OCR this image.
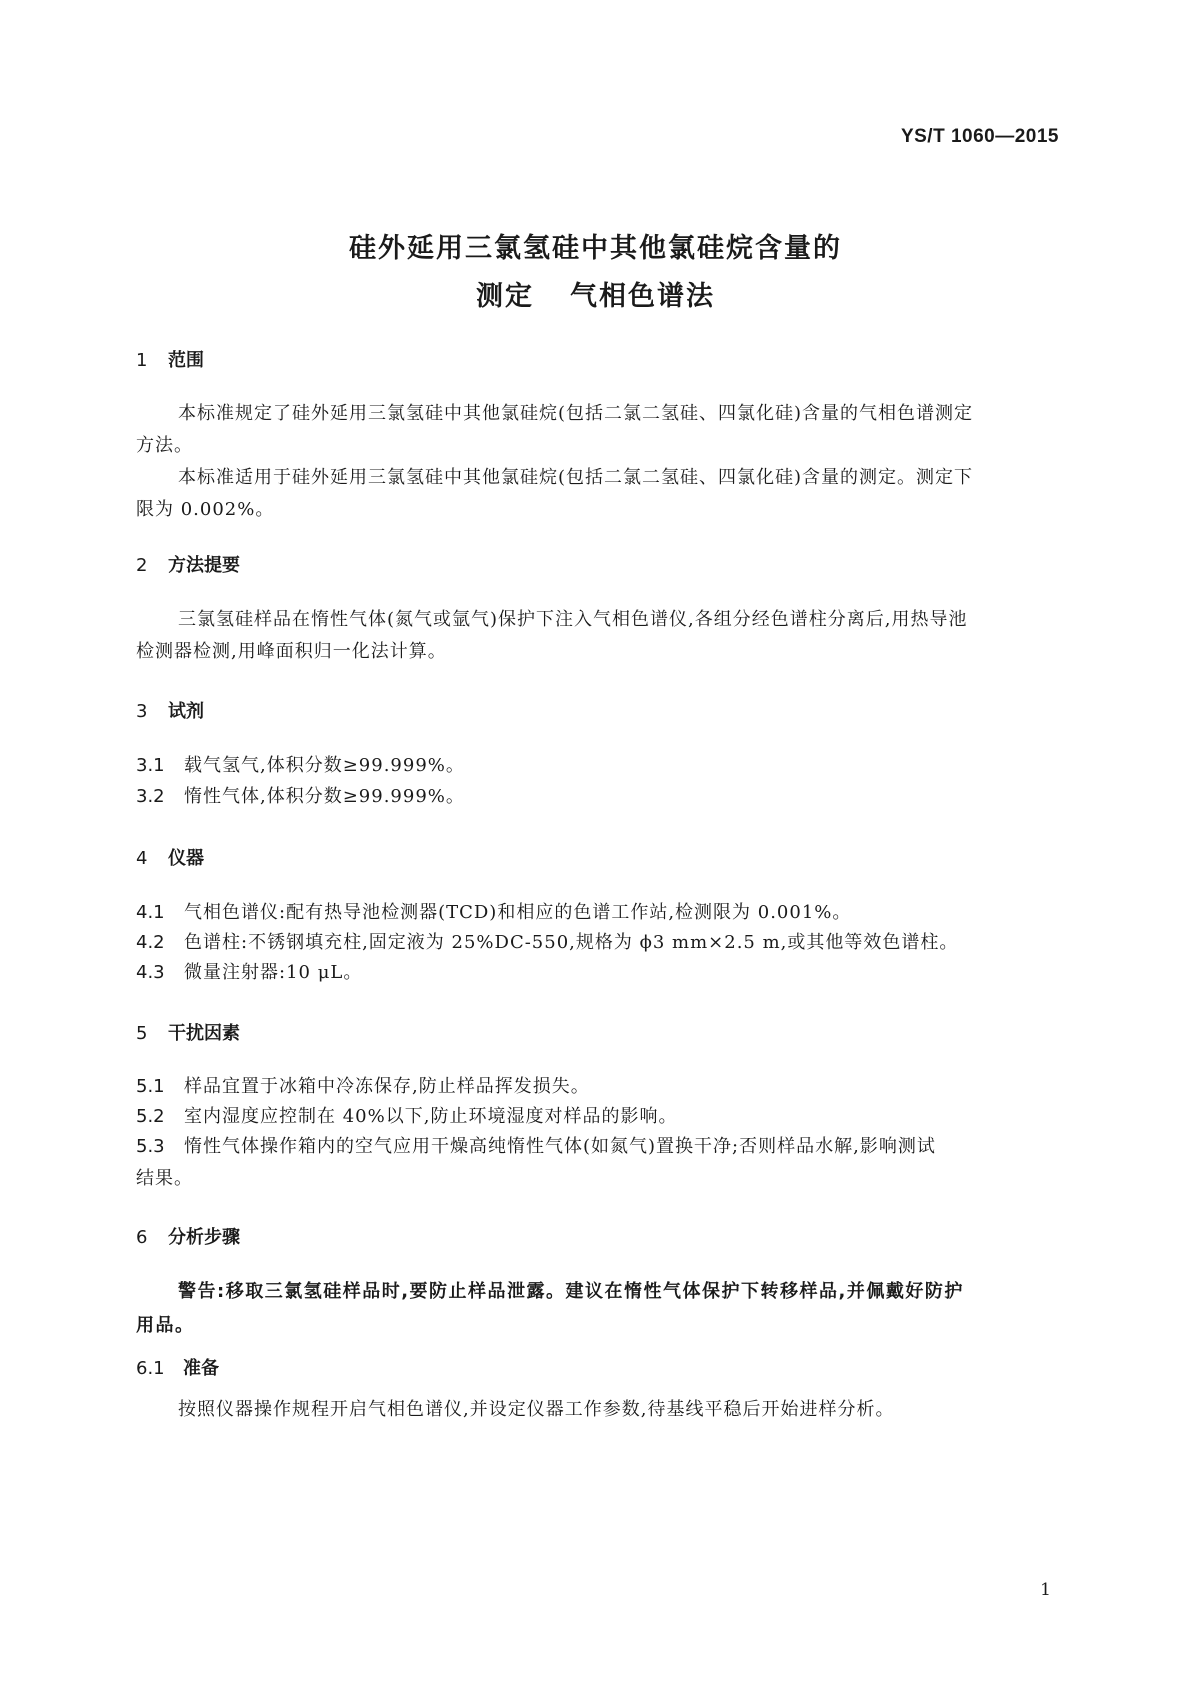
YS/T 1060—2015
硅外延用三氯氢硅中其他氯硅烷含量的
测定 气相色谱法
1 范围
本标准规定了硅外延用三氯氢硅中其他氯硅烷(包括二氯二氢硅、四氯化硅)含量的气相色谱测定
方法。
本标准适用于硅外延用三氯氢硅中其他氯硅烷(包括二氯二氢硅、四氯化硅)含量的测定。测定下
限为 0.002%。
2 方法提要
三氯氢硅样品在惰性气体(氮气或氩气)保护下注入气相色谱仪,各组分经色谱柱分离后,用热导池
检测器检测,用峰面积归一化法计算。
3 试剂
3.1 载气氢气,体积分数≥99.999%。
3.2 惰性气体,体积分数≥99.999%。
4 仪器
4.1 气相色谱仪:配有热导池检测器(TCD)和相应的色谱工作站,检测限为 0.001%。
4.2 色谱柱:不锈钢填充柱,固定液为 25%DC-550,规格为 ϕ3 mm×2.5 m,或其他等效色谱柱。
4.3 微量注射器:10 μL。
5 干扰因素
5.1 样品宜置于冰箱中冷冻保存,防止样品挥发损失。
5.2 室内湿度应控制在 40%以下,防止环境湿度对样品的影响。
5.3 惰性气体操作箱内的空气应用干燥高纯惰性气体(如氮气)置换干净;否则样品水解,影响测试
结果。
6 分析步骤
警告:移取三氯氢硅样品时,要防止样品泄露。建议在惰性气体保护下转移样品,并佩戴好防护
用品。
6.1 准备
按照仪器操作规程开启气相色谱仪,并设定仪器工作参数,待基线平稳后开始进样分析。
1
